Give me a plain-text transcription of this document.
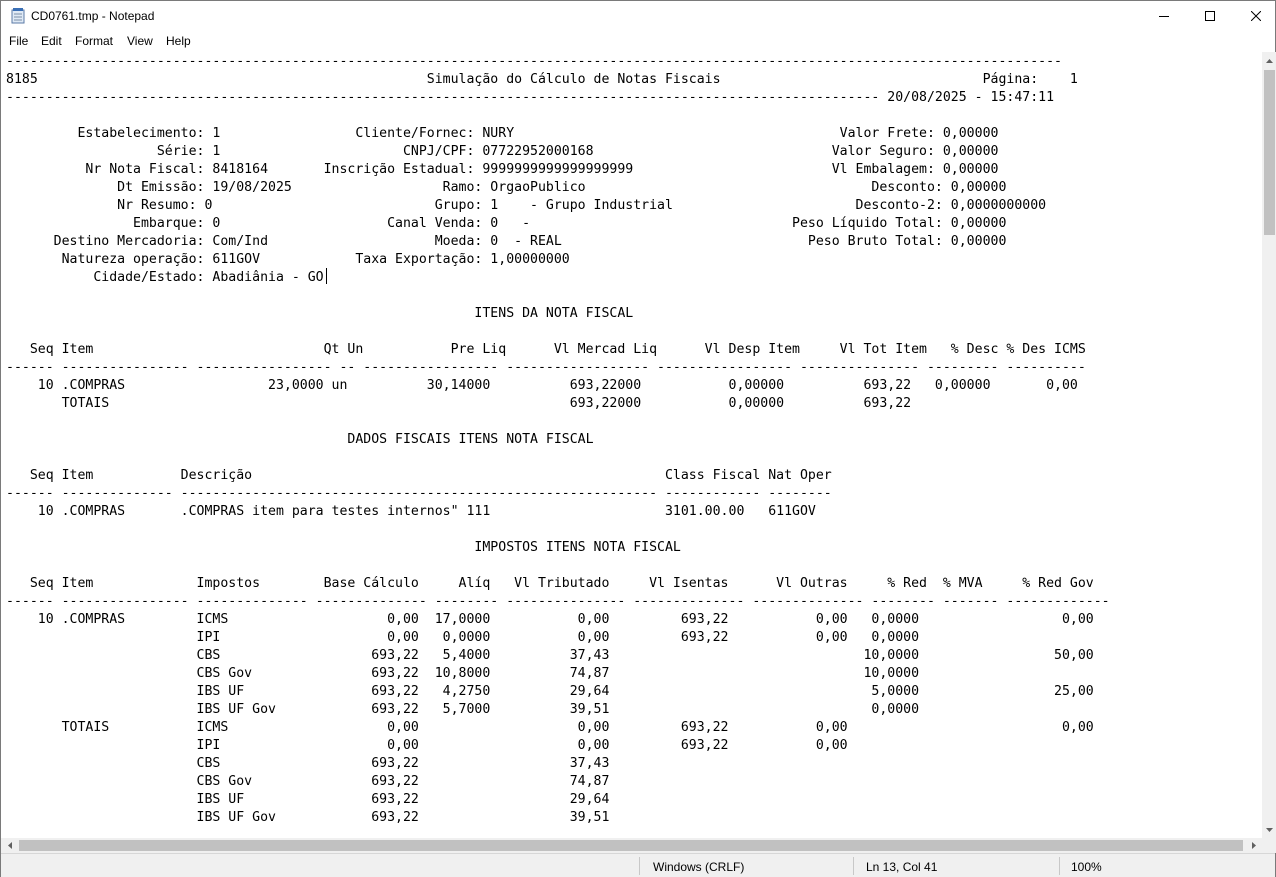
CD0761.tmp - Notepad
File Edit Format View Help
-------------------------------------------------------------------------------------------------------------------------------------
8185                                                 Simulação do Cálculo de Notas Fiscais                                 Página:    1
-------------------------------------------------------------------------------------------------------------- 20/08/2025 - 15:47:11
Estabelecimento: 1                 Cliente/Fornec: NURY                                         Valor Frete: 0,00000
Série: 1                       CNPJ/CPF: 07722952000168                              Valor Seguro: 0,00000
Nr Nota Fiscal: 8418164       Inscrição Estadual: 9999999999999999999                         Vl Embalagem: 0,00000
Dt Emissão: 19/08/2025                   Ramo: OrgaoPublico                                    Desconto: 0,00000
Nr Resumo: 0                            Grupo: 1    - Grupo Industrial                       Desconto-2: 0,0000000000
Embarque: 0                     Canal Venda: 0   -                                 Peso Líquido Total: 0,00000
Destino Mercadoria: Com/Ind                     Moeda: 0  - REAL                               Peso Bruto Total: 0,00000
Natureza operação: 611GOV            Taxa Exportação: 1,00000000
Cidade/Estado: Abadiânia - GO
ITENS DA NOTA FISCAL
Seq Item                             Qt Un           Pre Liq      Vl Mercad Liq      Vl Desp Item     Vl Tot Item   % Desc % Des ICMS
------ ---------------- ----------------- -- ----------------- ------------------ ----------------- --------------- --------- ----------
10 .COMPRAS                  23,0000 un          30,14000          693,22000           0,00000          693,22   0,00000       0,00
TOTAIS                                                          693,22000           0,00000          693,22
DADOS FISCAIS ITENS NOTA FISCAL
Seq Item           Descrição                                                    Class Fiscal Nat Oper
------ -------------- ------------------------------------------------------------ ------------ --------
10 .COMPRAS       .COMPRAS item para testes internos" 111                      3101.00.00   611GOV
IMPOSTOS ITENS NOTA FISCAL
Seq Item             Impostos        Base Cálculo     Alíq   Vl Tributado     Vl Isentas      Vl Outras     % Red  % MVA     % Red Gov
------ ---------------- -------------- -------------- -------- --------------- -------------- -------------- -------- ------- -------------
10 .COMPRAS         ICMS                    0,00  17,0000           0,00         693,22           0,00   0,0000                  0,00
IPI                     0,00   0,0000           0,00         693,22           0,00   0,0000
CBS                   693,22   5,4000          37,43                                10,0000                 50,00
CBS Gov               693,22  10,8000          74,87                                10,0000
IBS UF                693,22   4,2750          29,64                                 5,0000                 25,00
IBS UF Gov            693,22   5,7000          39,51                                 0,0000
TOTAIS           ICMS                    0,00                    0,00         693,22           0,00                           0,00
IPI                     0,00                    0,00         693,22           0,00
CBS                   693,22                   37,43
CBS Gov               693,22                   74,87
IBS UF                693,22                   29,64
IBS UF Gov            693,22                   39,51
Windows (CRLF)	Ln 13, Col 41	100%
